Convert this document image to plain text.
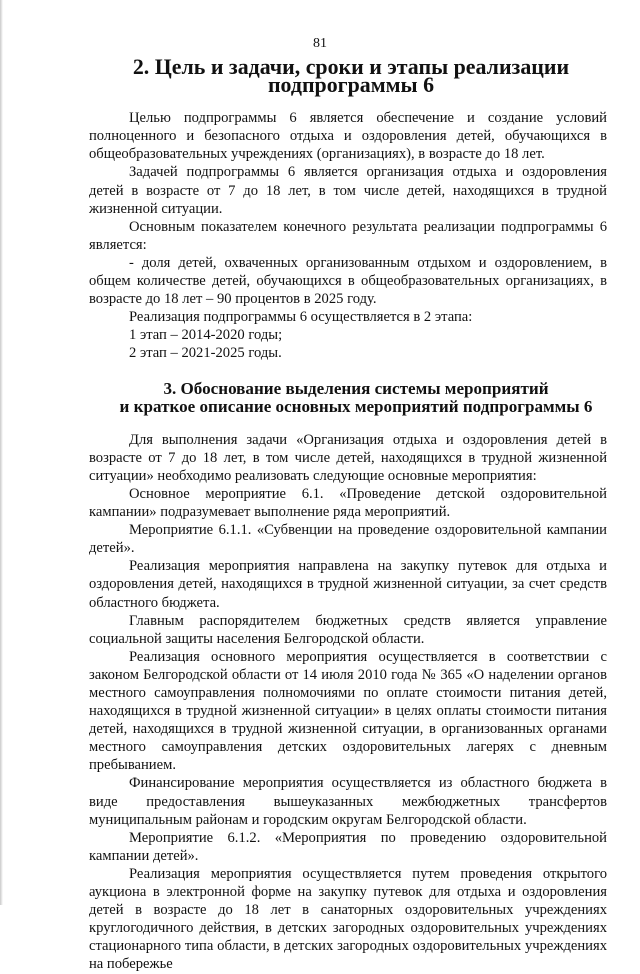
81
2. Цель и задачи, сроки и этапы реализации подпрограммы 6

Целью подпрограммы 6 является обеспечение и создание условий полноценного и безопасного отдыха и оздоровления детей, обучающихся в общеобразовательных учреждениях (организациях), в возрасте до 18 лет.

Задачей подпрограммы 6 является организация отдыха и оздоровления детей в возрасте от 7 до 18 лет, в том числе детей, находящихся в трудной жизненной ситуации.

Основным показателем конечного результата реализации подпрограммы 6 является:

- доля детей, охваченных организованным отдыхом и оздоровлением, в общем количестве детей, обучающихся в общеобразовательных организациях, в возрасте до 18 лет – 90 процентов в 2025 году.

Реализация подпрограммы 6 осуществляется в 2 этапа:

1 этап – 2014-2020 годы;

2 этап – 2021-2025 годы.

3. Обоснование выделения системы мероприятий
и краткое описание основных мероприятий подпрограммы 6

Для выполнения задачи «Организация отдыха и оздоровления детей в возрасте от 7 до 18 лет, в том числе детей, находящихся в трудной жизненной ситуации» необходимо реализовать следующие основные мероприятия:

Основное мероприятие 6.1. «Проведение детской оздоровительной кампании» подразумевает выполнение ряда мероприятий.

Мероприятие 6.1.1. «Субвенции на проведение оздоровительной кампании детей».

Реализация мероприятия направлена на закупку путевок для отдыха и оздоровления детей, находящихся в трудной жизненной ситуации, за счет средств областного бюджета.

Главным распорядителем бюджетных средств является управление социальной защиты населения Белгородской области.

Реализация основного мероприятия осуществляется в соответствии с законом Белгородской области от 14 июля 2010 года № 365 «О наделении органов местного самоуправления полномочиями по оплате стоимости питания детей, находящихся в трудной жизненной ситуации» в целях оплаты стоимости питания детей, находящихся в трудной жизненной ситуации, в организованных органами местного самоуправления детских оздоровительных лагерях с дневным пребыванием.

Финансирование мероприятия осуществляется из областного бюджета в виде предоставления вышеуказанных межбюджетных трансфертов муниципальным районам и городским округам Белгородской области.

Мероприятие 6.1.2. «Мероприятия по проведению оздоровительной кампании детей».

Реализация мероприятия осуществляется путем проведения открытого аукциона в электронной форме на закупку путевок для отдыха и оздоровления детей в возрасте до 18 лет в санаторных оздоровительных учреждениях круглогодичного действия, в детских загородных оздоровительных учреждениях стационарного типа области, в детских загородных оздоровительных учреждениях на побережье
